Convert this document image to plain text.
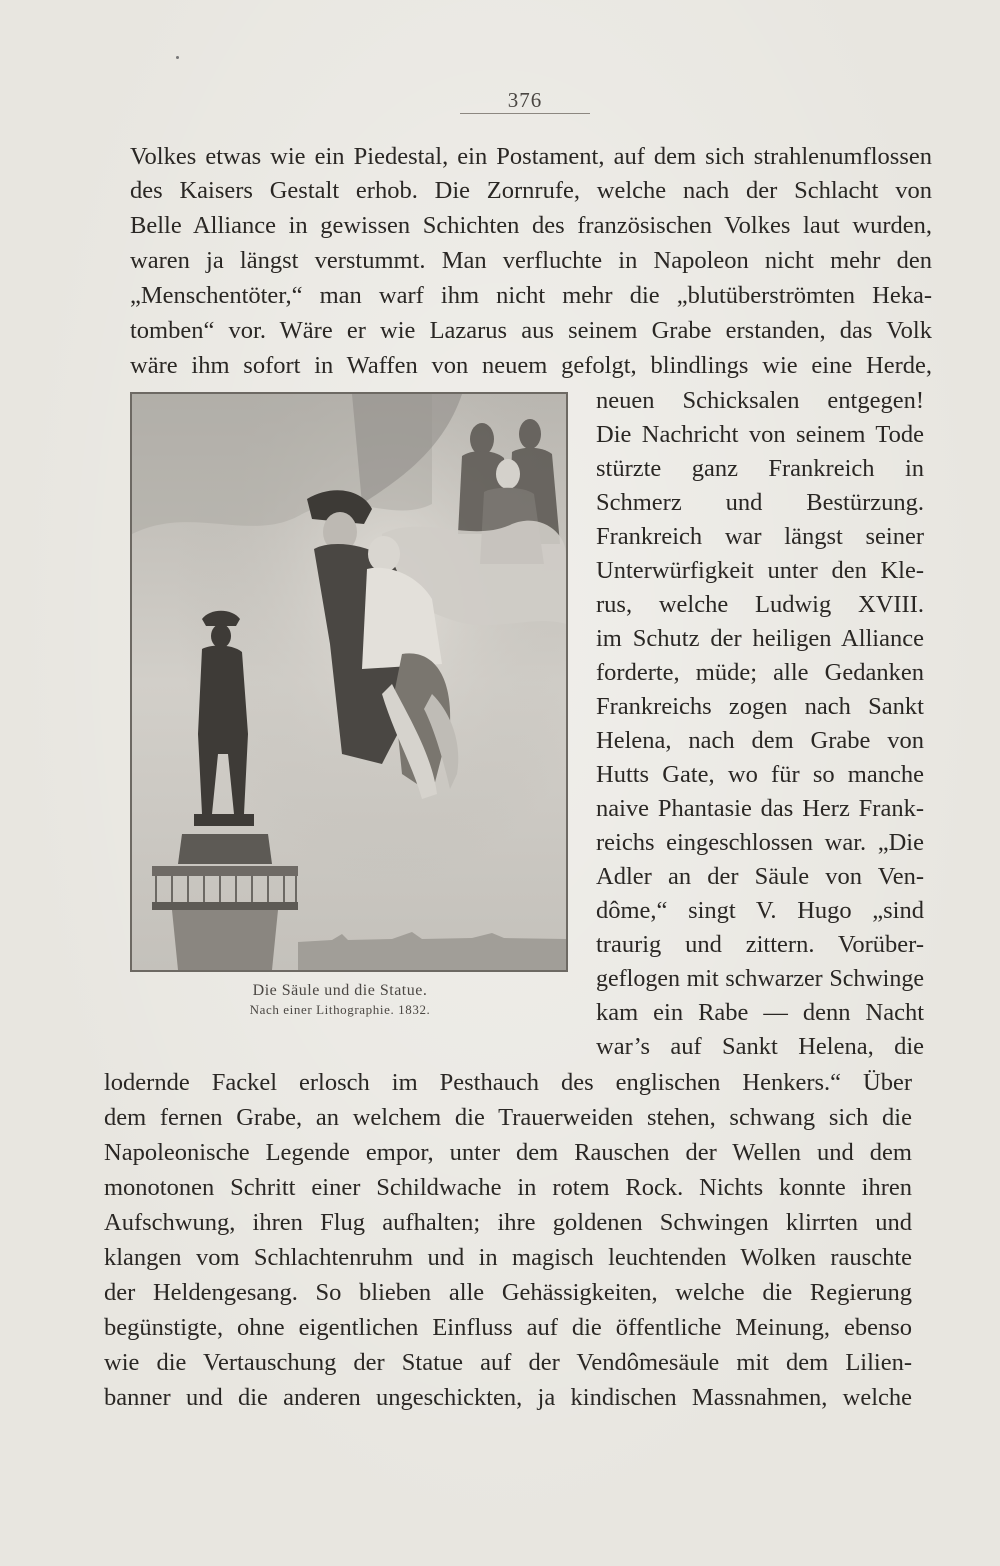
376
Volkes etwas wie ein Piedestal, ein Postament, auf dem sich strahlenumflossen
des Kaisers Gestalt erhob. Die Zornrufe, welche nach der Schlacht von
Belle Alliance in gewissen Schichten des französischen Volkes laut wurden,
waren ja längst verstummt. Man verfluchte in Napoleon nicht mehr den
„Menschentöter,“ man warf ihm nicht mehr die „blutüberströmten Heka-
tomben“ vor. Wäre er wie Lazarus aus seinem Grabe erstanden, das Volk
wäre ihm sofort in Waffen von neuem gefolgt, blindlings wie eine Herde,
Die Säule und die Statue.
Nach einer Lithographie. 1832.
neuen Schicksalen entgegen!
Die Nachricht von seinem Tode
stürzte ganz Frankreich in
Schmerz und Bestürzung.
Frankreich war längst seiner
Unterwürfigkeit unter den Kle-
rus, welche Ludwig XVIII.
im Schutz der heiligen Alliance
forderte, müde; alle Gedanken
Frankreichs zogen nach Sankt
Helena, nach dem Grabe von
Hutts Gate, wo für so manche
naive Phantasie das Herz Frank-
reichs eingeschlossen war. „Die
Adler an der Säule von Ven-
dôme,“ singt V. Hugo „sind
traurig und zittern. Vorüber-
geflogen mit schwarzer Schwinge
kam ein Rabe — denn Nacht
war’s auf Sankt Helena, die
lodernde Fackel erlosch im Pesthauch des englischen Henkers.“ Über
dem fernen Grabe, an welchem die Trauerweiden stehen, schwang sich die
Napoleonische Legende empor, unter dem Rauschen der Wellen und dem
monotonen Schritt einer Schildwache in rotem Rock. Nichts konnte ihren
Aufschwung, ihren Flug aufhalten; ihre goldenen Schwingen klirrten und
klangen vom Schlachtenruhm und in magisch leuchtenden Wolken rauschte
der Heldengesang. So blieben alle Gehässigkeiten, welche die Regierung
begünstigte, ohne eigentlichen Einfluss auf die öffentliche Meinung, ebenso
wie die Vertauschung der Statue auf der Vendômesäule mit dem Lilien-
banner und die anderen ungeschickten, ja kindischen Massnahmen, welche
